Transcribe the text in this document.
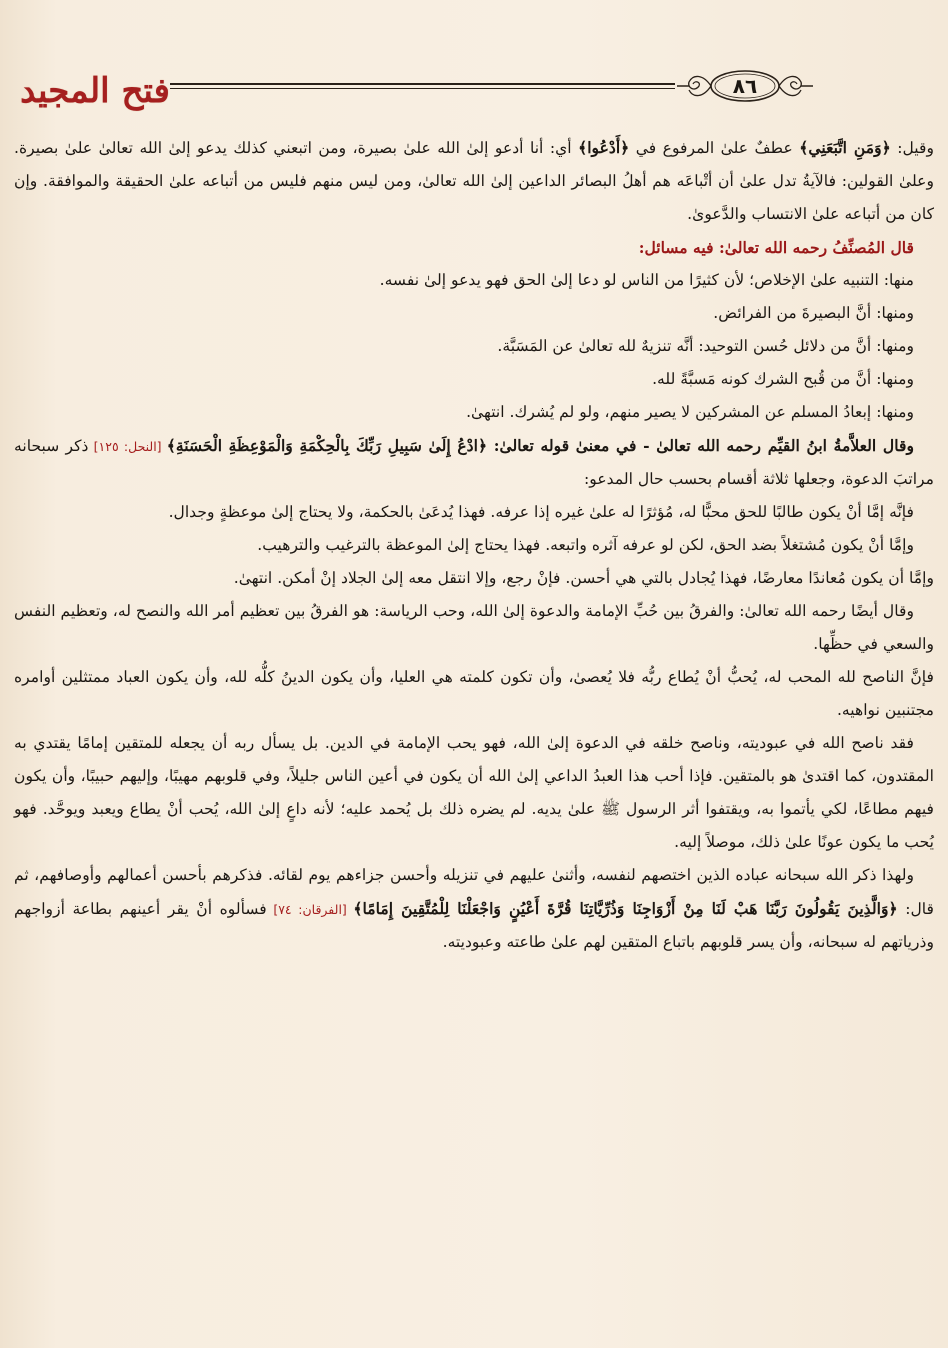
فتح المجيد	٨٦

وقيل: ﴿وَمَنِ اتَّبَعَنِي﴾ عطفٌ علىٰ المرفوع في ﴿أَدْعُوا﴾ أي: أنا أدعو إلىٰ الله علىٰ بصيرة، ومن اتبعني كذلك يدعو إلىٰ الله تعالىٰ علىٰ بصيرة. وعلىٰ القولين: فالآيةُ تدل علىٰ أن أتْباعَه هم أهلُ البصائر الداعين إلىٰ الله تعالىٰ، ومن ليس منهم فليس من أتباعه علىٰ الحقيقة والموافقة. وإن كان من أتباعه علىٰ الانتساب والدَّعوىٰ.

قال المُصنِّفُ رحمه الله تعالىٰ: فيه مسائل:

منها: التنبيه علىٰ الإخلاص؛ لأن كثيرًا من الناس لو دعا إلىٰ الحق فهو يدعو إلىٰ نفسه.

ومنها: أنَّ البصيرةَ من الفرائض.

ومنها: أنَّ من دلائل حُسن التوحيد: أنَّه تنزيهٌ لله تعالىٰ عن المَسَبَّة.

ومنها: أنَّ من قُبح الشرك كونه مَسبَّةً لله.

ومنها: إبعادُ المسلم عن المشركين لا يصير منهم، ولو لم يُشرك. انتهىٰ.

وقال العلاَّمةُ ابنُ القيِّم رحمه الله تعالىٰ - في معنىٰ قوله تعالىٰ: ﴿ادْعُ إِلَىٰ سَبِيلِ رَبِّكَ بِالْحِكْمَةِ وَالْمَوْعِظَةِ الْحَسَنَةِ﴾ [النحل: ١٢٥] ذكر سبحانه مراتبَ الدعوة، وجعلها ثلاثة أقسام بحسب حال المدعو:

فإنَّه إمَّا أنْ يكون طالبًا للحق محبًّا له، مُؤثرًا له علىٰ غيره إذا عرفه. فهذا يُدعَىٰ بالحكمة، ولا يحتاج إلىٰ موعظةٍ وجدال.

وإمَّا أنْ يكون مُشتغلاً بضد الحق، لكن لو عرفه آثره واتبعه. فهذا يحتاج إلىٰ الموعظة بالترغيب والترهيب.

وإمَّا أن يكون مُعاندًا معارضًا، فهذا يُجادل بالتي هي أحسن. فإنْ رجع، وإلا انتقل معه إلىٰ الجلاد إنْ أمكن. انتهىٰ.

وقال أيضًا رحمه الله تعالىٰ: والفرقُ بين حُبِّ الإمامة والدعوة إلىٰ الله، وحب الرياسة: هو الفرقُ بين تعظيم أمر الله والنصح له، وتعظيم النفس والسعي في حظِّها.

فإنَّ الناصح لله المحب له، يُحبُّ أنْ يُطاع ربُّه فلا يُعصىٰ، وأن تكون كلمته هي العليا، وأن يكون الدينُ كلُّه لله، وأن يكون العباد ممتثلين أوامره مجتنبين نواهيه.

فقد ناصح الله في عبوديته، وناصح خلقه في الدعوة إلىٰ الله، فهو يحب الإمامة في الدين. بل يسأل ربه أن يجعله للمتقين إمامًا يقتدي به المقتدون، كما اقتدىٰ هو بالمتقين. فإذا أحب هذا العبدُ الداعي إلىٰ الله أن يكون في أعين الناس جليلاً، وفي قلوبهم مهيبًا، وإليهم حبيبًا، وأن يكون فيهم مطاعًا، لكي يأتموا به، ويقتفوا أثر الرسول ﷺ علىٰ يديه. لم يضره ذلك بل يُحمد عليه؛ لأنه داعٍ إلىٰ الله، يُحب أنْ يطاع ويعبد ويوحَّد. فهو يُحب ما يكون عونًا علىٰ ذلك، موصلاً إليه.

ولهذا ذكر الله سبحانه عباده الذين اختصهم لنفسه، وأثنىٰ عليهم في تنزيله وأحسن جزاءهم يوم لقائه. فذكرهم بأحسن أعمالهم وأوصافهم، ثم قال: ﴿وَالَّذِينَ يَقُولُونَ رَبَّنَا هَبْ لَنَا مِنْ أَزْوَاجِنَا وَذُرِّيَّاتِنَا قُرَّةَ أَعْيُنٍ وَاجْعَلْنَا لِلْمُتَّقِينَ إِمَامًا﴾ [الفرقان: ٧٤] فسألوه أنْ يقر أعينهم بطاعة أزواجهم وذرياتهم له سبحانه، وأن يسر قلوبهم باتباع المتقين لهم علىٰ طاعته وعبوديته.
